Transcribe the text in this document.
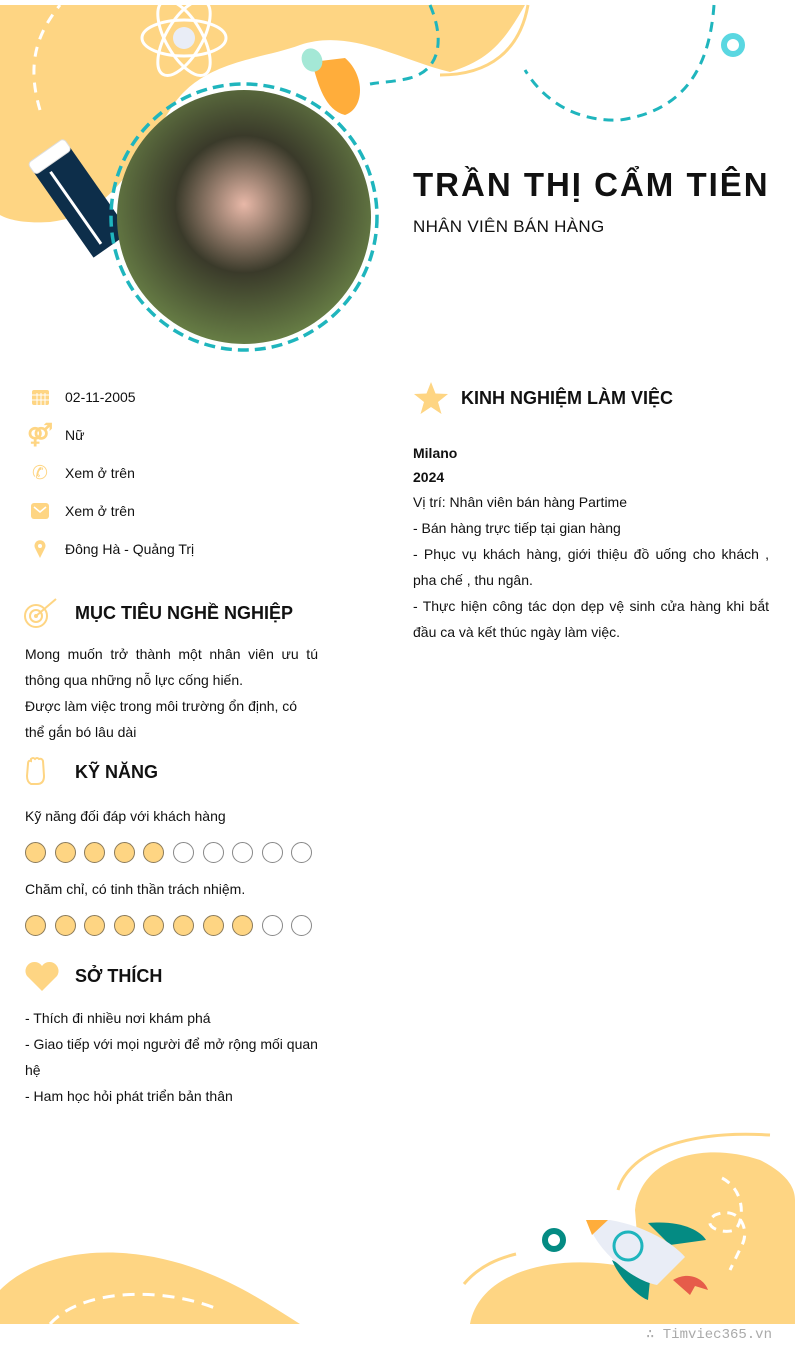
TRẦN THỊ CẨM TIÊN
NHÂN VIÊN BÁN HÀNG
02-11-2005
⚤ Nữ
✆ Xem ở trên
Xem ở trên
Đông Hà - Quảng Trị
MỤC TIÊU NGHỀ NGHIỆP
Mong muốn trở thành một nhân viên ưu tú thông qua những nỗ lực cống hiến.
Được làm việc trong môi trường ổn định, có thể gắn bó lâu dài
KỸ NĂNG
Kỹ năng đối đáp với khách hàng
Chăm chỉ, có tinh thần trách nhiệm.
SỞ THÍCH
- Thích đi nhiều nơi khám phá
- Giao tiếp với mọi người để mở rộng mối quan hệ
- Ham học hỏi phát triển bản thân
KINH NGHIỆM LÀM VIỆC
Milano
2024
Vị trí: Nhân viên bán hàng Partime
- Bán hàng trực tiếp tại gian hàng
- Phục vụ khách hàng, giới thiệu đồ uống cho khách , pha chế , thu ngân.
- Thực hiện công tác dọn dẹp vệ sinh cửa hàng khi bắt đầu ca và kết thúc ngày làm việc.
∴ Timviec365.vn
